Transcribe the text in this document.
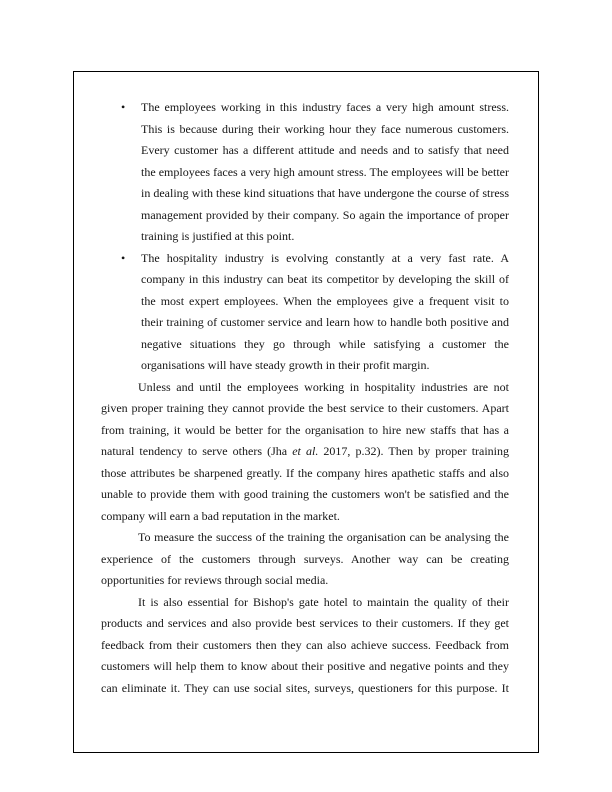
• The employees working in this industry faces a very high amount stress.
This is because during their working hour they face numerous customers.
Every customer has a different attitude and needs and to satisfy that need
the employees faces a very high amount stress. The employees will be better
in dealing with these kind situations that have undergone the course of stress
management provided by their company. So again the importance of proper
training is justified at this point.
• The hospitality industry is evolving constantly at a very fast rate. A
company in this industry can beat its competitor by developing the skill of
the most expert employees. When the employees give a frequent visit to
their training of customer service and learn how to handle both positive and
negative situations they go through while satisfying a customer the
organisations will have steady growth in their profit margin.
Unless and until the employees working in hospitality industries are not
given proper training they cannot provide the best service to their customers. Apart
from training, it would be better for the organisation to hire new staffs that has a
natural tendency to serve others (Jha et al. 2017, p.32). Then by proper training
those attributes be sharpened greatly. If the company hires apathetic staffs and also
unable to provide them with good training the customers won't be satisfied and the
company will earn a bad reputation in the market.
To measure the success of the training the organisation can be analysing the
experience of the customers through surveys. Another way can be creating
opportunities for reviews through social media.
It is also essential for Bishop's gate hotel to maintain the quality of their
products and services and also provide best services to their customers. If they get
feedback from their customers then they can also achieve success. Feedback from
customers will help them to know about their positive and negative points and they
can eliminate it. They can use social sites, surveys, questioners for this purpose. It
